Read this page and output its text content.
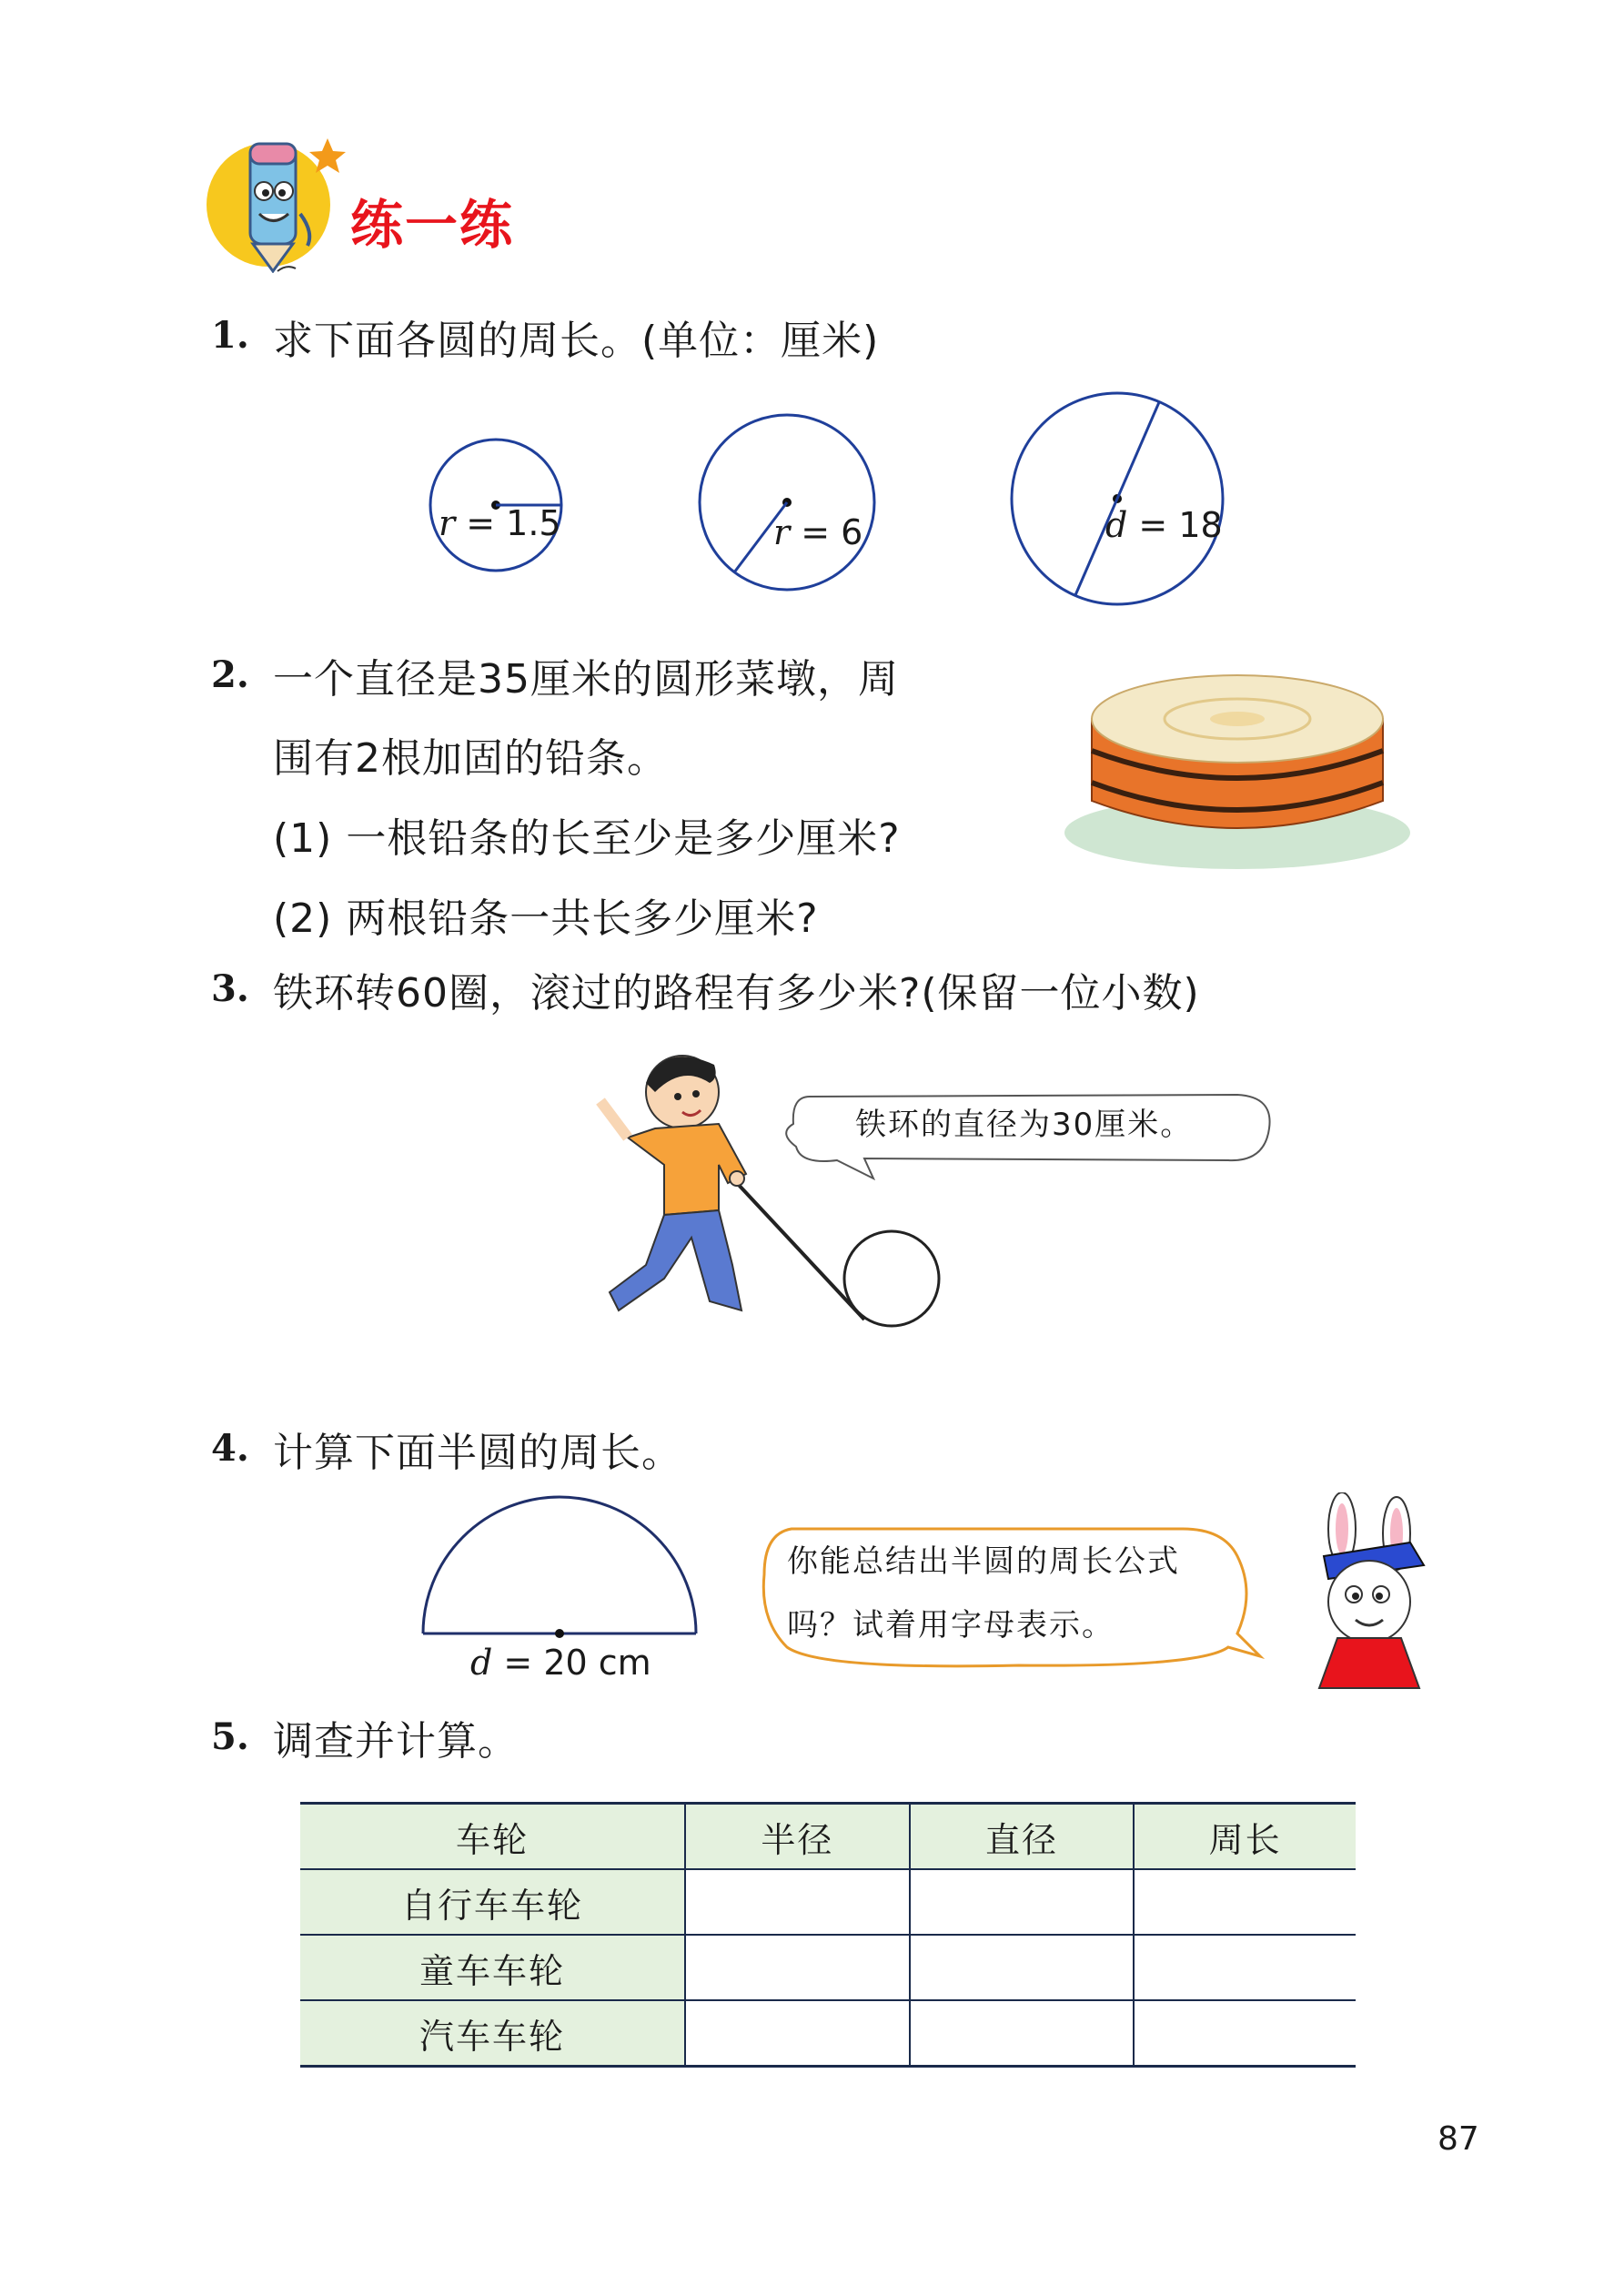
练一练
1. 求下面各圆的周长。(单位：厘米)
r = 1.5	r = 6	d = 18
2. 一个直径是35厘米的圆形菜墩，周
围有2根加固的铅条。
(1) 一根铅条的长至少是多少厘米?
(2) 两根铅条一共长多少厘米?
3. 铁环转60圈，滚过的路程有多少米?(保留一位小数)
铁环的直径为30厘米。
4. 计算下面半圆的周长。
d = 20 cm
你能总结出半圆的周长公式
吗？试着用字母表示。
5. 调查并计算。
车轮	半径	直径	周长
自行车车轮			
童车车轮			
汽车车轮			
87
